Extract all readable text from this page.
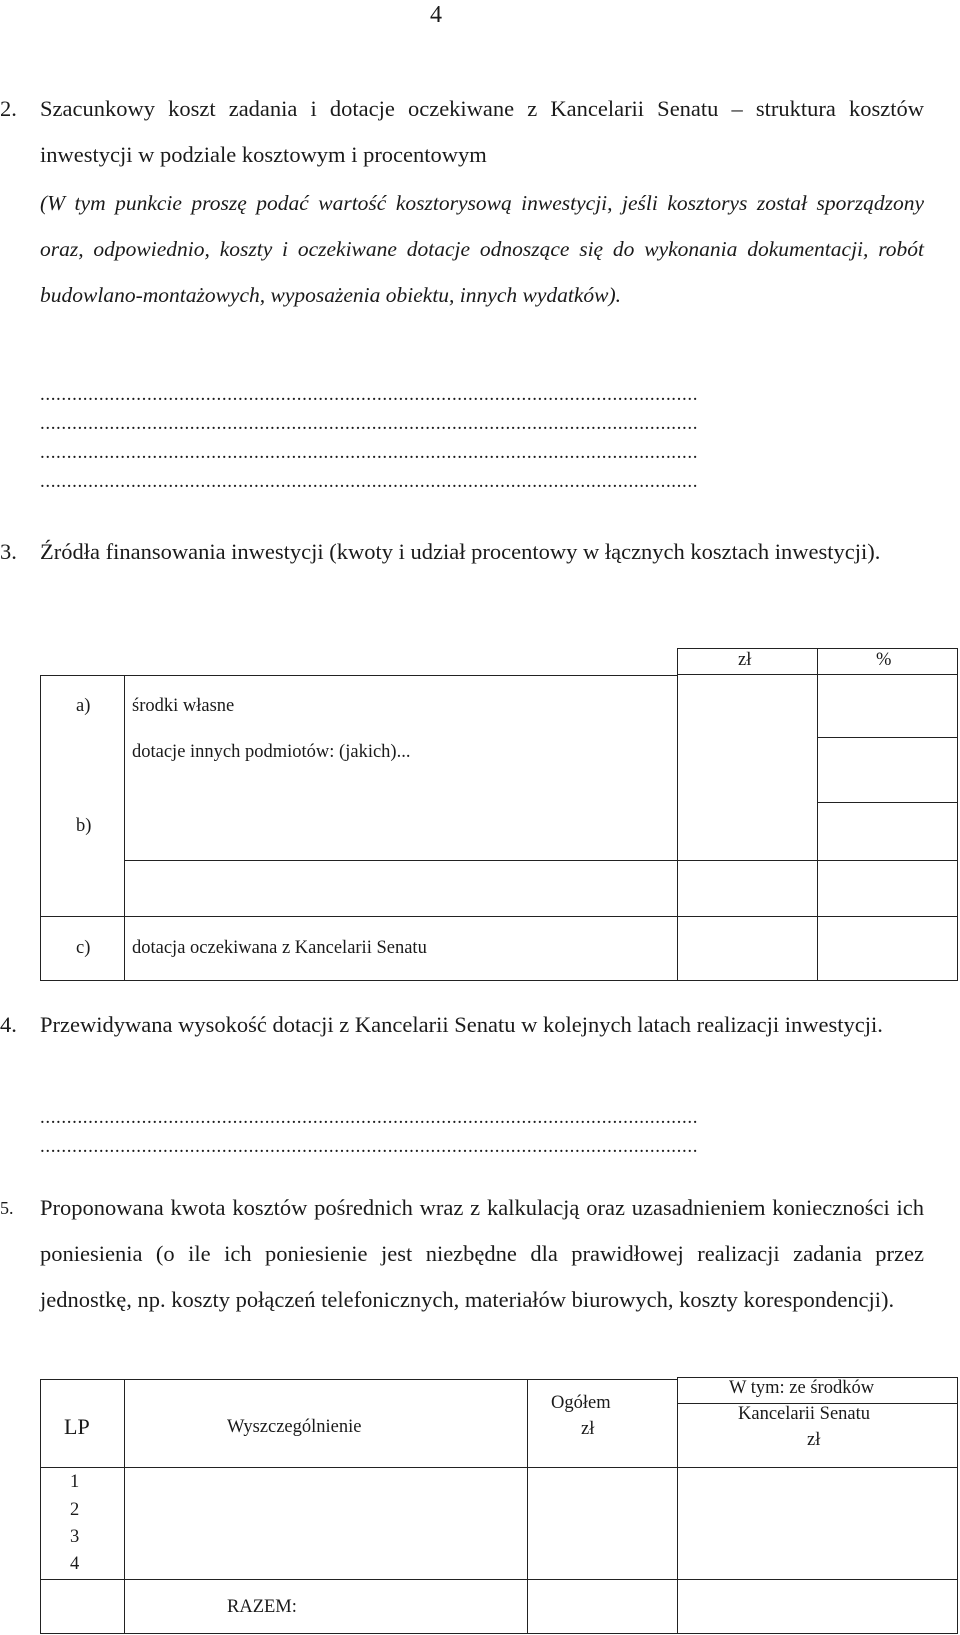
4
2. Szacunkowy koszt zadania i dotacje oczekiwane z Kancelarii Senatu – struktura kosztów inwestycji w podziale kosztowym i procentowym
(W tym punkcie proszę podać wartość kosztorysową inwestycji, jeśli kosztorys został sporządzony oraz, odpowiednio, koszty i oczekiwane dotacje odnoszące się do wykonania dokumentacji, robót budowlano-montażowych, wyposażenia obiektu, innych wydatków).
...........................................................................................................................
...........................................................................................................................
...........................................................................................................................
...........................................................................................................................
3. Źródła finansowania inwestycji (kwoty i udział procentowy w łącznych kosztach inwestycji).
zł	%
a) środki własne
dotacje innych podmiotów: (jakich)...
b)
c) dotacja oczekiwana z Kancelarii Senatu
4. Przewidywana wysokość dotacji z Kancelarii Senatu w kolejnych latach realizacji inwestycji.
...........................................................................................................................
...........................................................................................................................
5. Proponowana kwota kosztów pośrednich wraz z kalkulacją oraz uzasadnieniem konieczności ich poniesienia (o ile ich poniesienie jest niezbędne dla prawidłowej realizacji zadania przez jednostkę, np. koszty połączeń telefonicznych, materiałów biurowych, koszty korespondencji).
LP	Wyszczególnienie
Ogółem
zł
W tym: ze środków
Kancelarii Senatu
zł
1
2
3
4
RAZEM:
